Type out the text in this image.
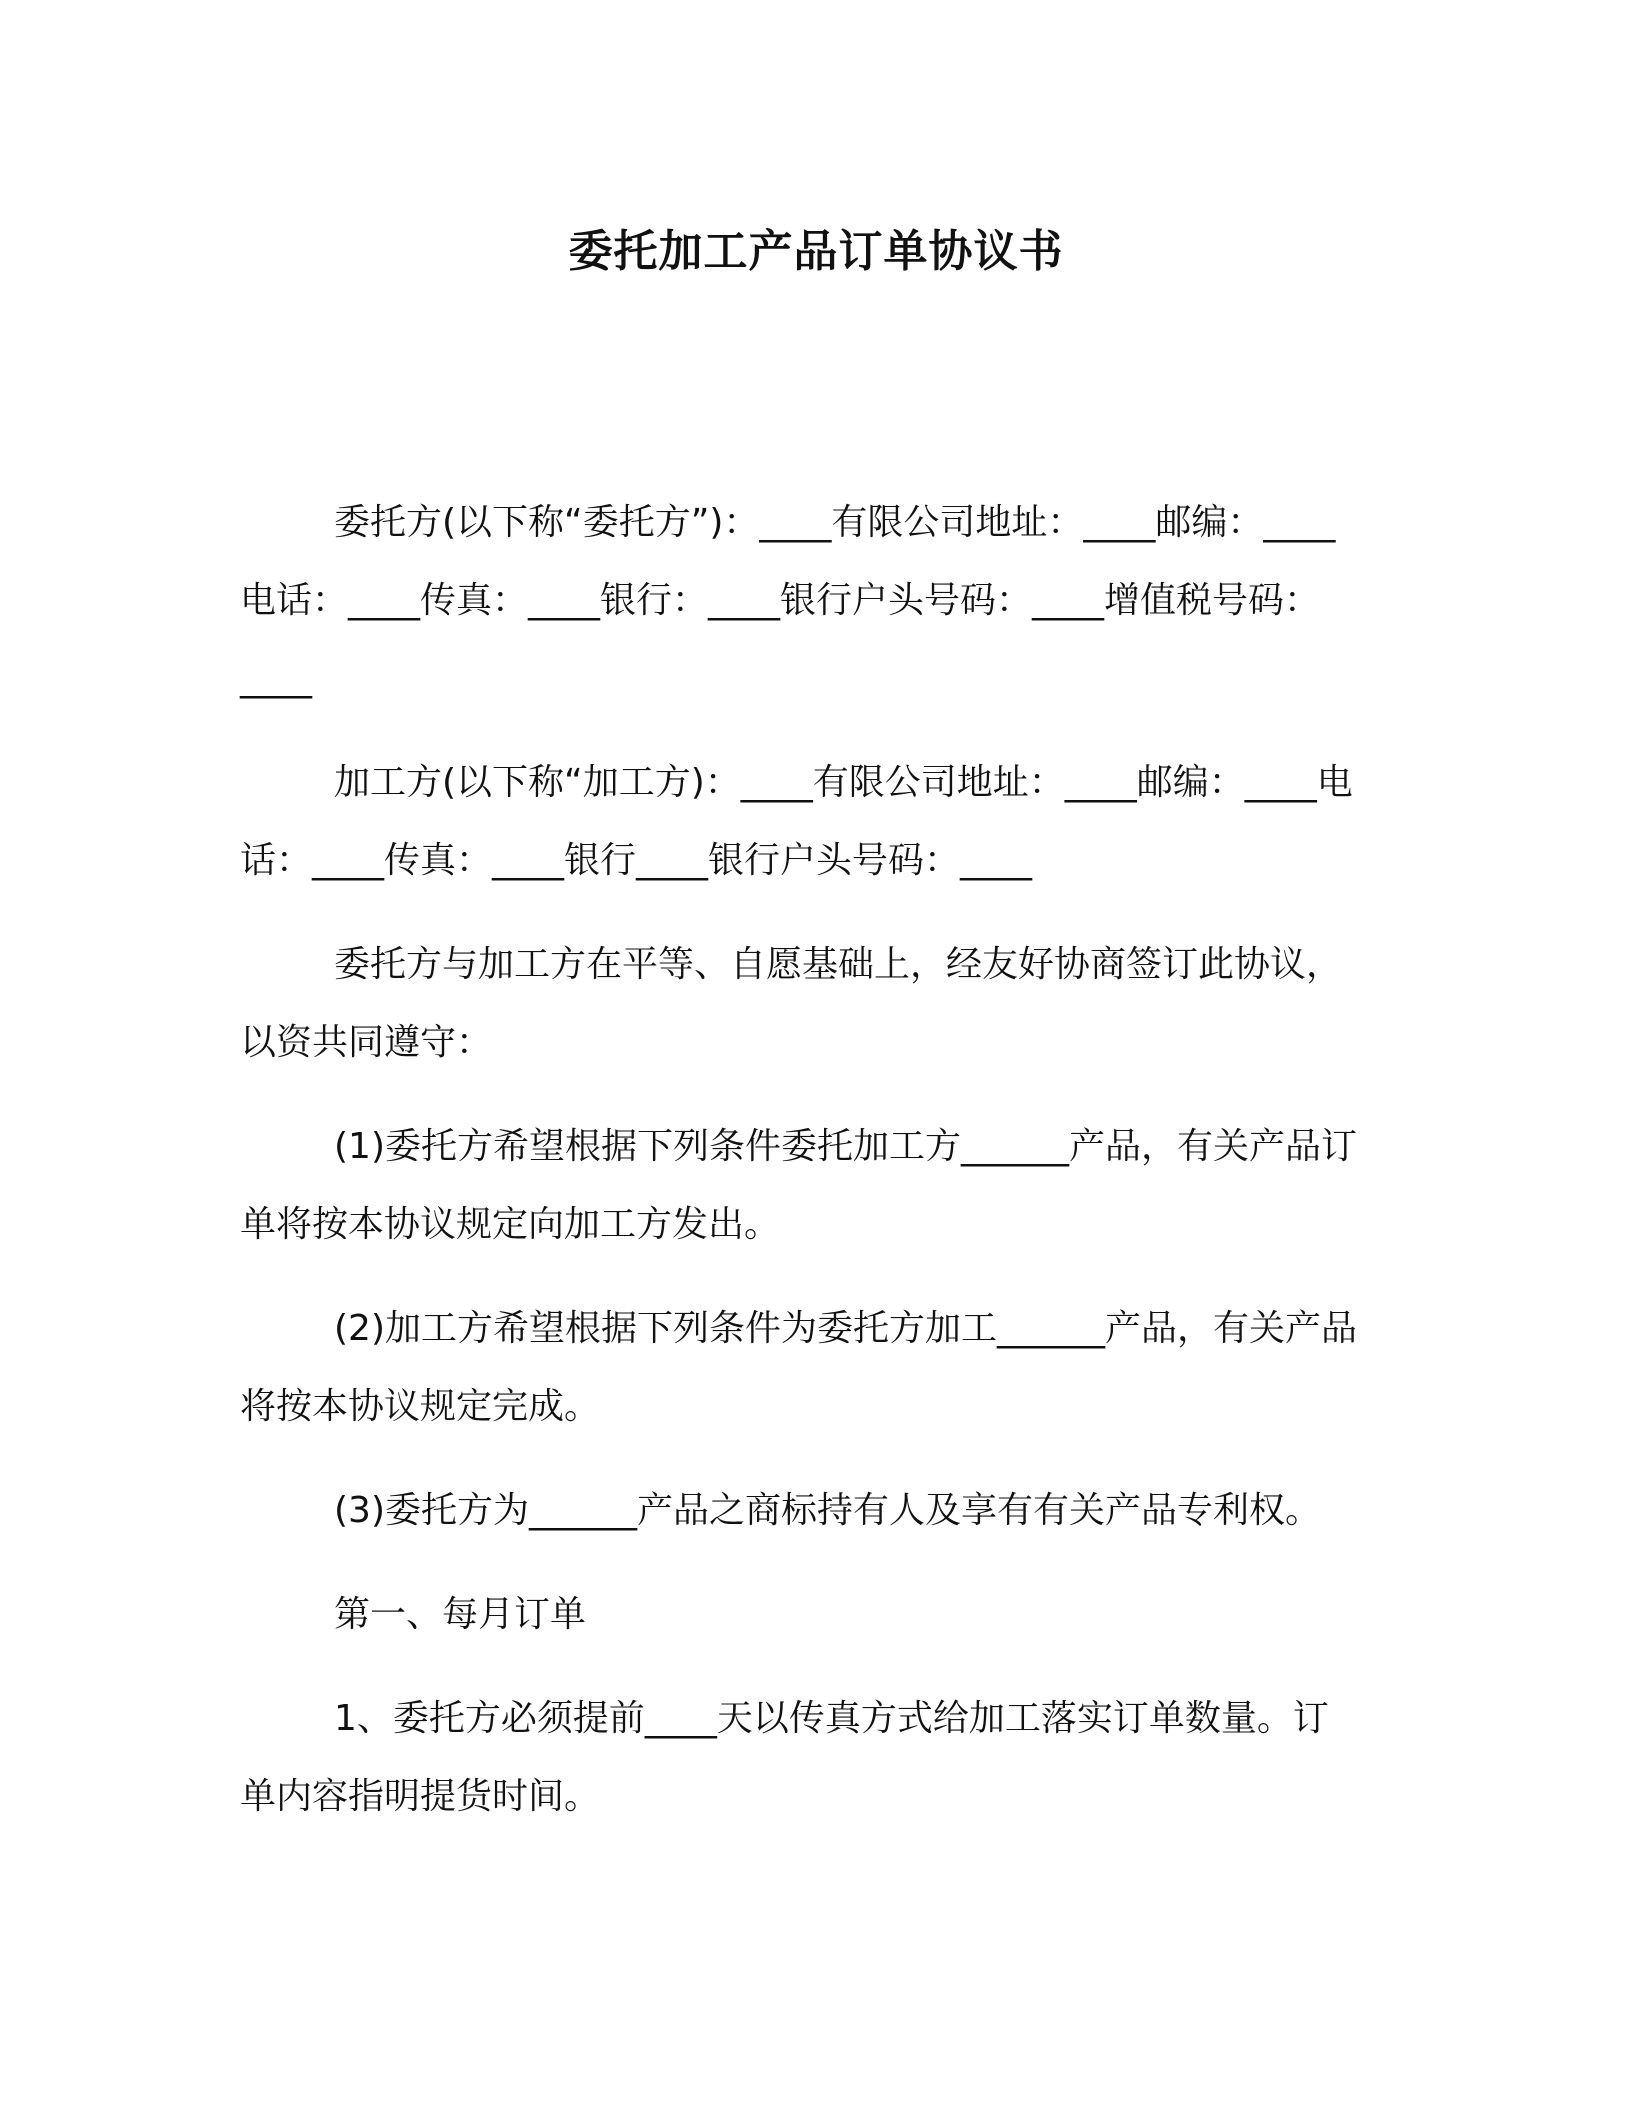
委托加工产品订单协议书

委托方(以下称“委托方”)：____有限公司地址：____邮编：____电话：____传真：____银行：____银行户头号码：____增值税号码：____

加工方(以下称“加工方)：____有限公司地址：____邮编：____电话：____传真：____银行____银行户头号码：____

委托方与加工方在平等、自愿基础上，经友好协商签订此协议，以资共同遵守：

(1)委托方希望根据下列条件委托加工方______产品，有关产品订单将按本协议规定向加工方发出。

(2)加工方希望根据下列条件为委托方加工______产品，有关产品将按本协议规定完成。

(3)委托方为______产品之商标持有人及享有有关产品专利权。

第一、每月订单

1、委托方必须提前____天以传真方式给加工落实订单数量。订单内容指明提货时间。
